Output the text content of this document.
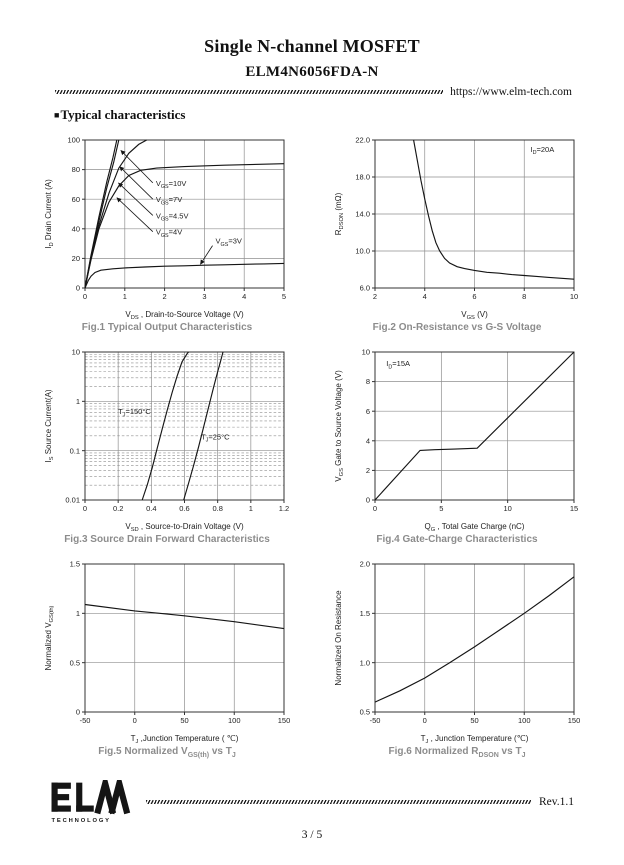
Single N-channel MOSFET
ELM4N6056FDA-N
https://www.elm-tech.com
■Typical characteristics
0	1	2	3	4	5
0
20
40
60
80
100
$V_{DS}$ , Drain-to-Source Voltage (V)
$I_D$ Drain Current (A)	$V_{GS}=10V$
$V_{GS}=7V$
$V_{GS}=4.5V$
$V_{GS}=4V$
$V_{GS}=3V$
Fig.1 Typical Output Characteristics
2	4	6	8	10
6.0
10.0
14.0
18.0
22.0
$V_{GS}$ (V)
$R_{DSON}$ (mΩ)
$I_D=20A$
Fig.2 On-Resistance vs G-S Voltage
0	0.2	0.4	0.6	0.8	1	1.2
0.01
0.1
1
10
$V_{SD}$ , Source-to-Drain Voltage (V)
$I_S$ Source Current(A)	$T_J=150^\circ C$
$T_J=25^\circ C$
Fig.3 Source Drain Forward Characteristics
0	5	10	15
0
2
4
6
8
10
$Q_G$ , Total Gate Charge (nC)
$V_{GS}$ Gate to Source Voltage (V)
$I_D=15A$
Fig.4 Gate-Charge Characteristics
-50	0	50	100	150
0
0.5
1
1.5
$T_J$ ,Junction Temperature ( ℃)
Normalized $V_{GS(th)}$
Fig.5 Normalized $V_{GS(th)}$ vs $T_J$
-50	0	50	100	150
0.5
1.0
1.5
2.0
$T_J$ , Junction Temperature (℃)
Normalized On Resistance
Fig.6 Normalized $R_{DSON}$ vs $T_J$
TECHNOLOGY
Rev.1.1
3 / 5
